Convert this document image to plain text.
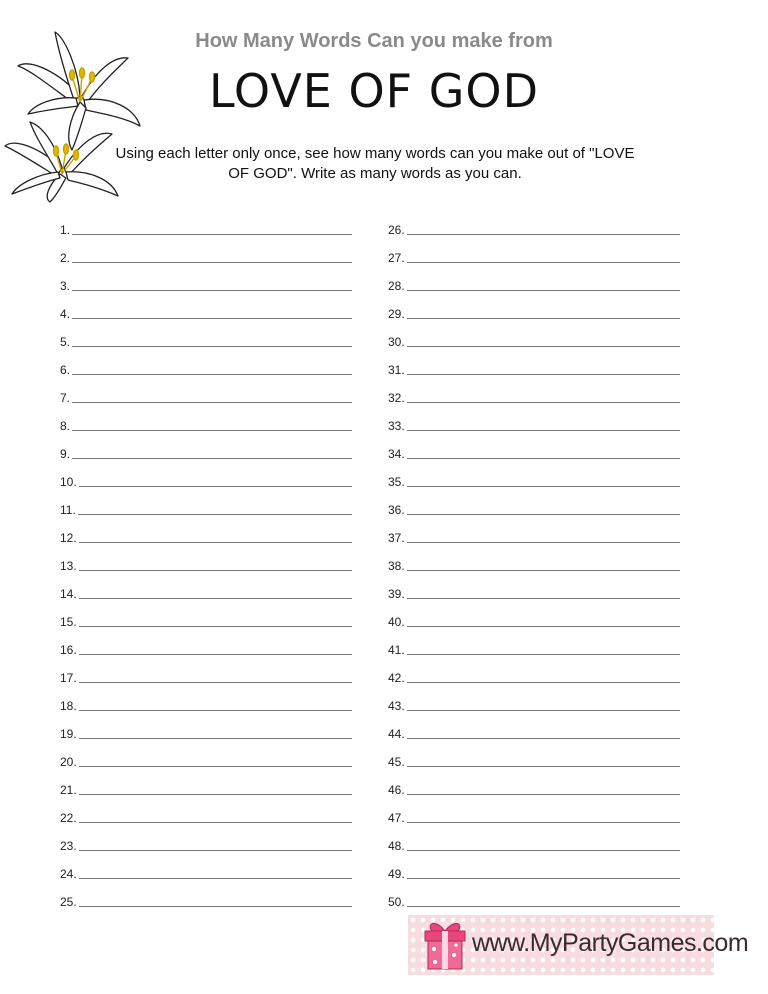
How Many Words Can you make from
LOVE OF GOD

Using each letter only once, see how many words can you make out of "LOVE OF GOD". Write as many words as you can.

1.
2.
3.
4.
5.
6.
7.
8.
9.
10.
11.
12.
13.
14.
15.
16.
17.
18.
19.
20.
21.
22.
23.
24.
25.
26.
27.
28.
29.
30.
31.
32.
33.
34.
35.
36.
37.
38.
39.
40.
41.
42.
43.
44.
45.
46.
47.
48.
49.
50.
www.MyPartyGames.com
